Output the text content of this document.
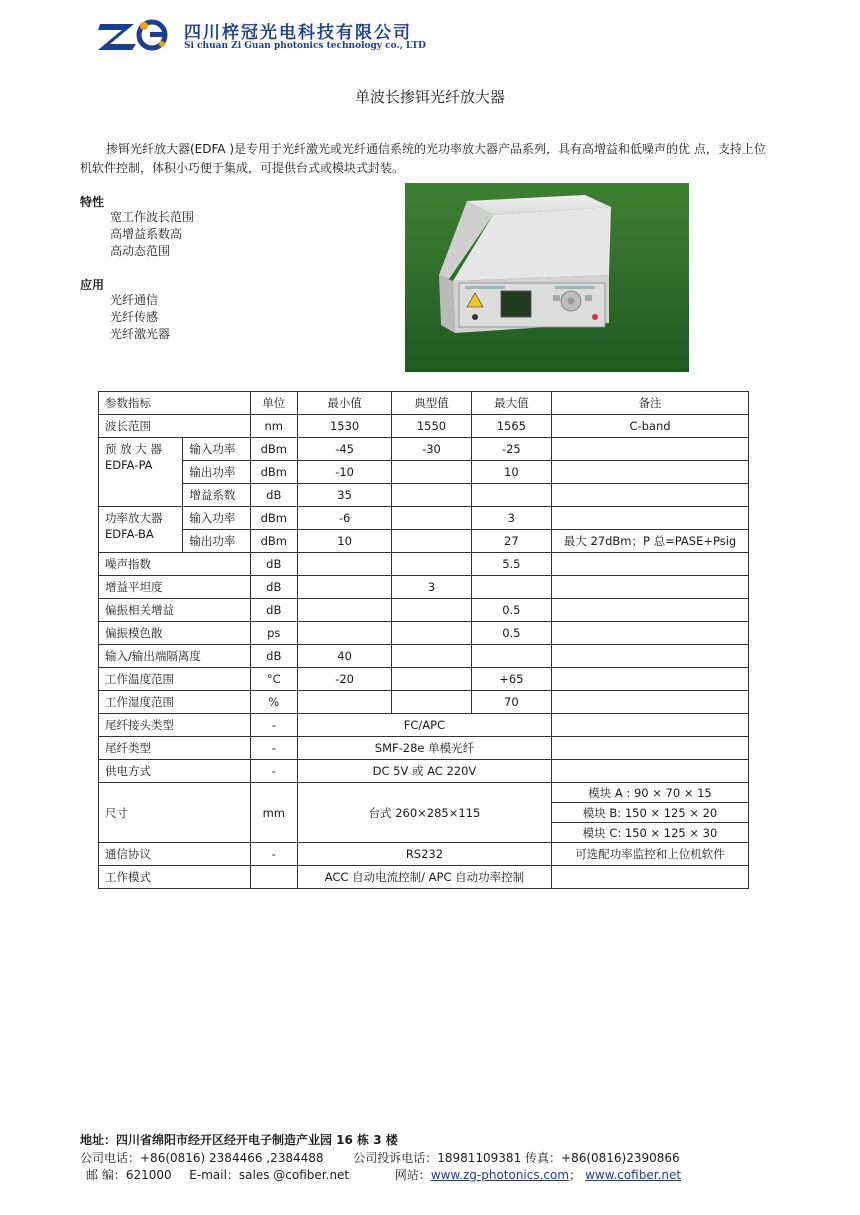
四川梓冠光电科技有限公司
Si chuan Zi Guan photonics technology co., LTD
单波长掺铒光纤放大器
掺铒光纤放大器(EDFA )是专用于光纤激光或光纤通信系统的光功率放大器产品系列，具有高增益和低噪声的优 点，支持上位机软件控制，体积小巧便于集成，可提供台式或模块式封装。
特性
宽工作波长范围
高增益系数高
高动态范围
应用
光纤通信
光纤传感
光纤激光器
参数指标		单位	最小值	典型值	最大值	备注
波长范围		nm	1530	1550	1565	C-band
预 放 大 器 EDFA-PA	输入功率	dBm	-45	-30	-25	
	输出功率	dBm	-10		10	
	增益系数	dB	35			
功率放大器 EDFA-BA	输入功率	dBm	-6		3	
	输出功率	dBm	10		27	最大 27dBm；P 总=PASE+Psig
噪声指数		dB			5.5	
增益平坦度		dB		3		
偏振相关增益		dB			0.5	
偏振模色散		ps			0.5	
输入/输出端隔离度		dB	40			
工作温度范围		°C	-20		+65	
工作湿度范围		%			70	
尾纤接头类型		-	FC/APC			
尾纤类型		-	SMF-28e 单模光纤			
供电方式		-	DC 5V 或 AC 220V			
尺寸		mm	台式 260×285×115			模块 A : 90 × 70 × 15
						模块 B: 150 × 125 × 20
						模块 C: 150 × 125 × 30
通信协议		-	RS232			可选配功率监控和上位机软件
工作模式			ACC 自动电流控制/ APC 自动功率控制			
地址：四川省绵阳市经开区经开电子制造产业园 16 栋 3 楼
公司电话：+86(0816) 2384466 ,2384488 公司投诉电话：18981109381 传真：+86(0816)2390866
邮 编：621000 E-mail：sales @cofiber.net	网站：www.zg-photonics.com； www.cofiber.net
